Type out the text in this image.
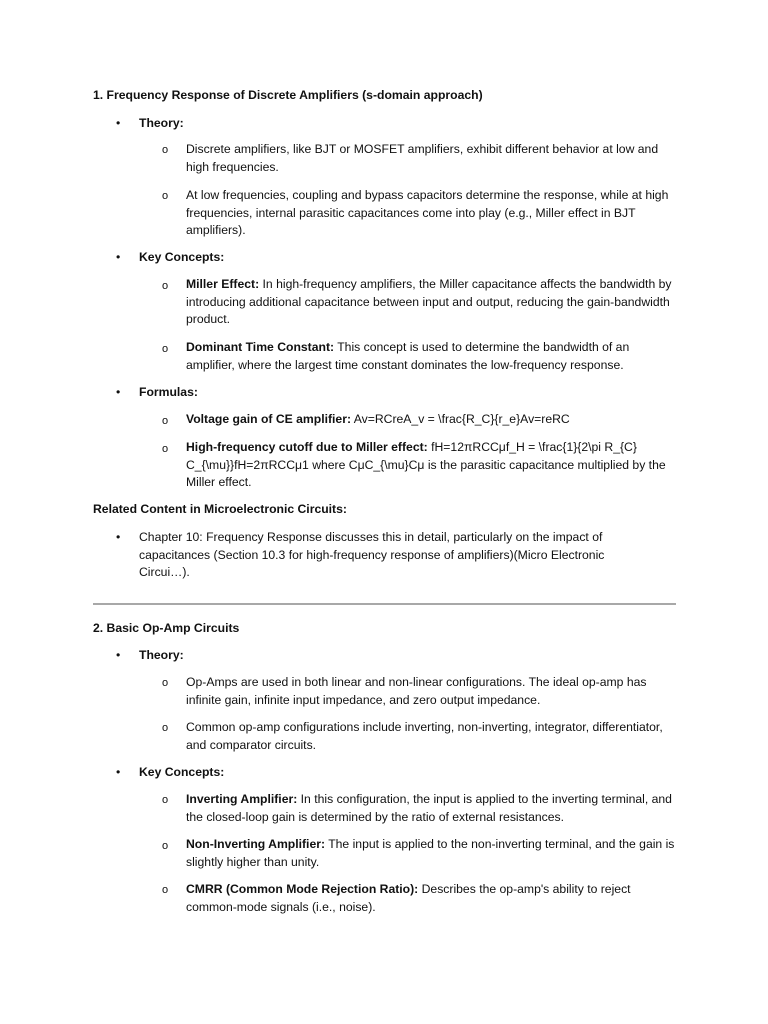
1. Frequency Response of Discrete Amplifiers (s-domain approach)
•	Theory:
o	Discrete amplifiers, like BJT or MOSFET amplifiers, exhibit different behavior at low and high frequencies.
o	At low frequencies, coupling and bypass capacitors determine the response, while at high frequencies, internal parasitic capacitances come into play (e.g., Miller effect in BJT amplifiers).
•	Key Concepts:
o	Miller Effect: In high-frequency amplifiers, the Miller capacitance affects the bandwidth by introducing additional capacitance between input and output, reducing the gain-bandwidth product.
o	Dominant Time Constant: This concept is used to determine the bandwidth of an amplifier, where the largest time constant dominates the low-frequency response.
•	Formulas:
o	Voltage gain of CE amplifier: Av=RCreA_v = \frac{R_C}{r_e}Av=reRC
o	High-frequency cutoff due to Miller effect: fH=12πRCCμf_H = \frac{1}{2\pi R_{C} C_{\mu}}fH=2πRCCμ1 where CμC_{\mu}Cμ is the parasitic capacitance multiplied by the Miller effect.
Related Content in Microelectronic Circuits:
•	Chapter 10: Frequency Response discusses this in detail, particularly on the impact of capacitances (Section 10.3 for high-frequency response of amplifiers)(Micro Electronic Circui…).
2. Basic Op-Amp Circuits
•	Theory:
o	Op-Amps are used in both linear and non-linear configurations. The ideal op-amp has infinite gain, infinite input impedance, and zero output impedance.
o	Common op-amp configurations include inverting, non-inverting, integrator, differentiator, and comparator circuits.
•	Key Concepts:
o	Inverting Amplifier: In this configuration, the input is applied to the inverting terminal, and the closed-loop gain is determined by the ratio of external resistances.
o	Non-Inverting Amplifier: The input is applied to the non-inverting terminal, and the gain is slightly higher than unity.
o	CMRR (Common Mode Rejection Ratio): Describes the op-amp's ability to reject common-mode signals (i.e., noise).
